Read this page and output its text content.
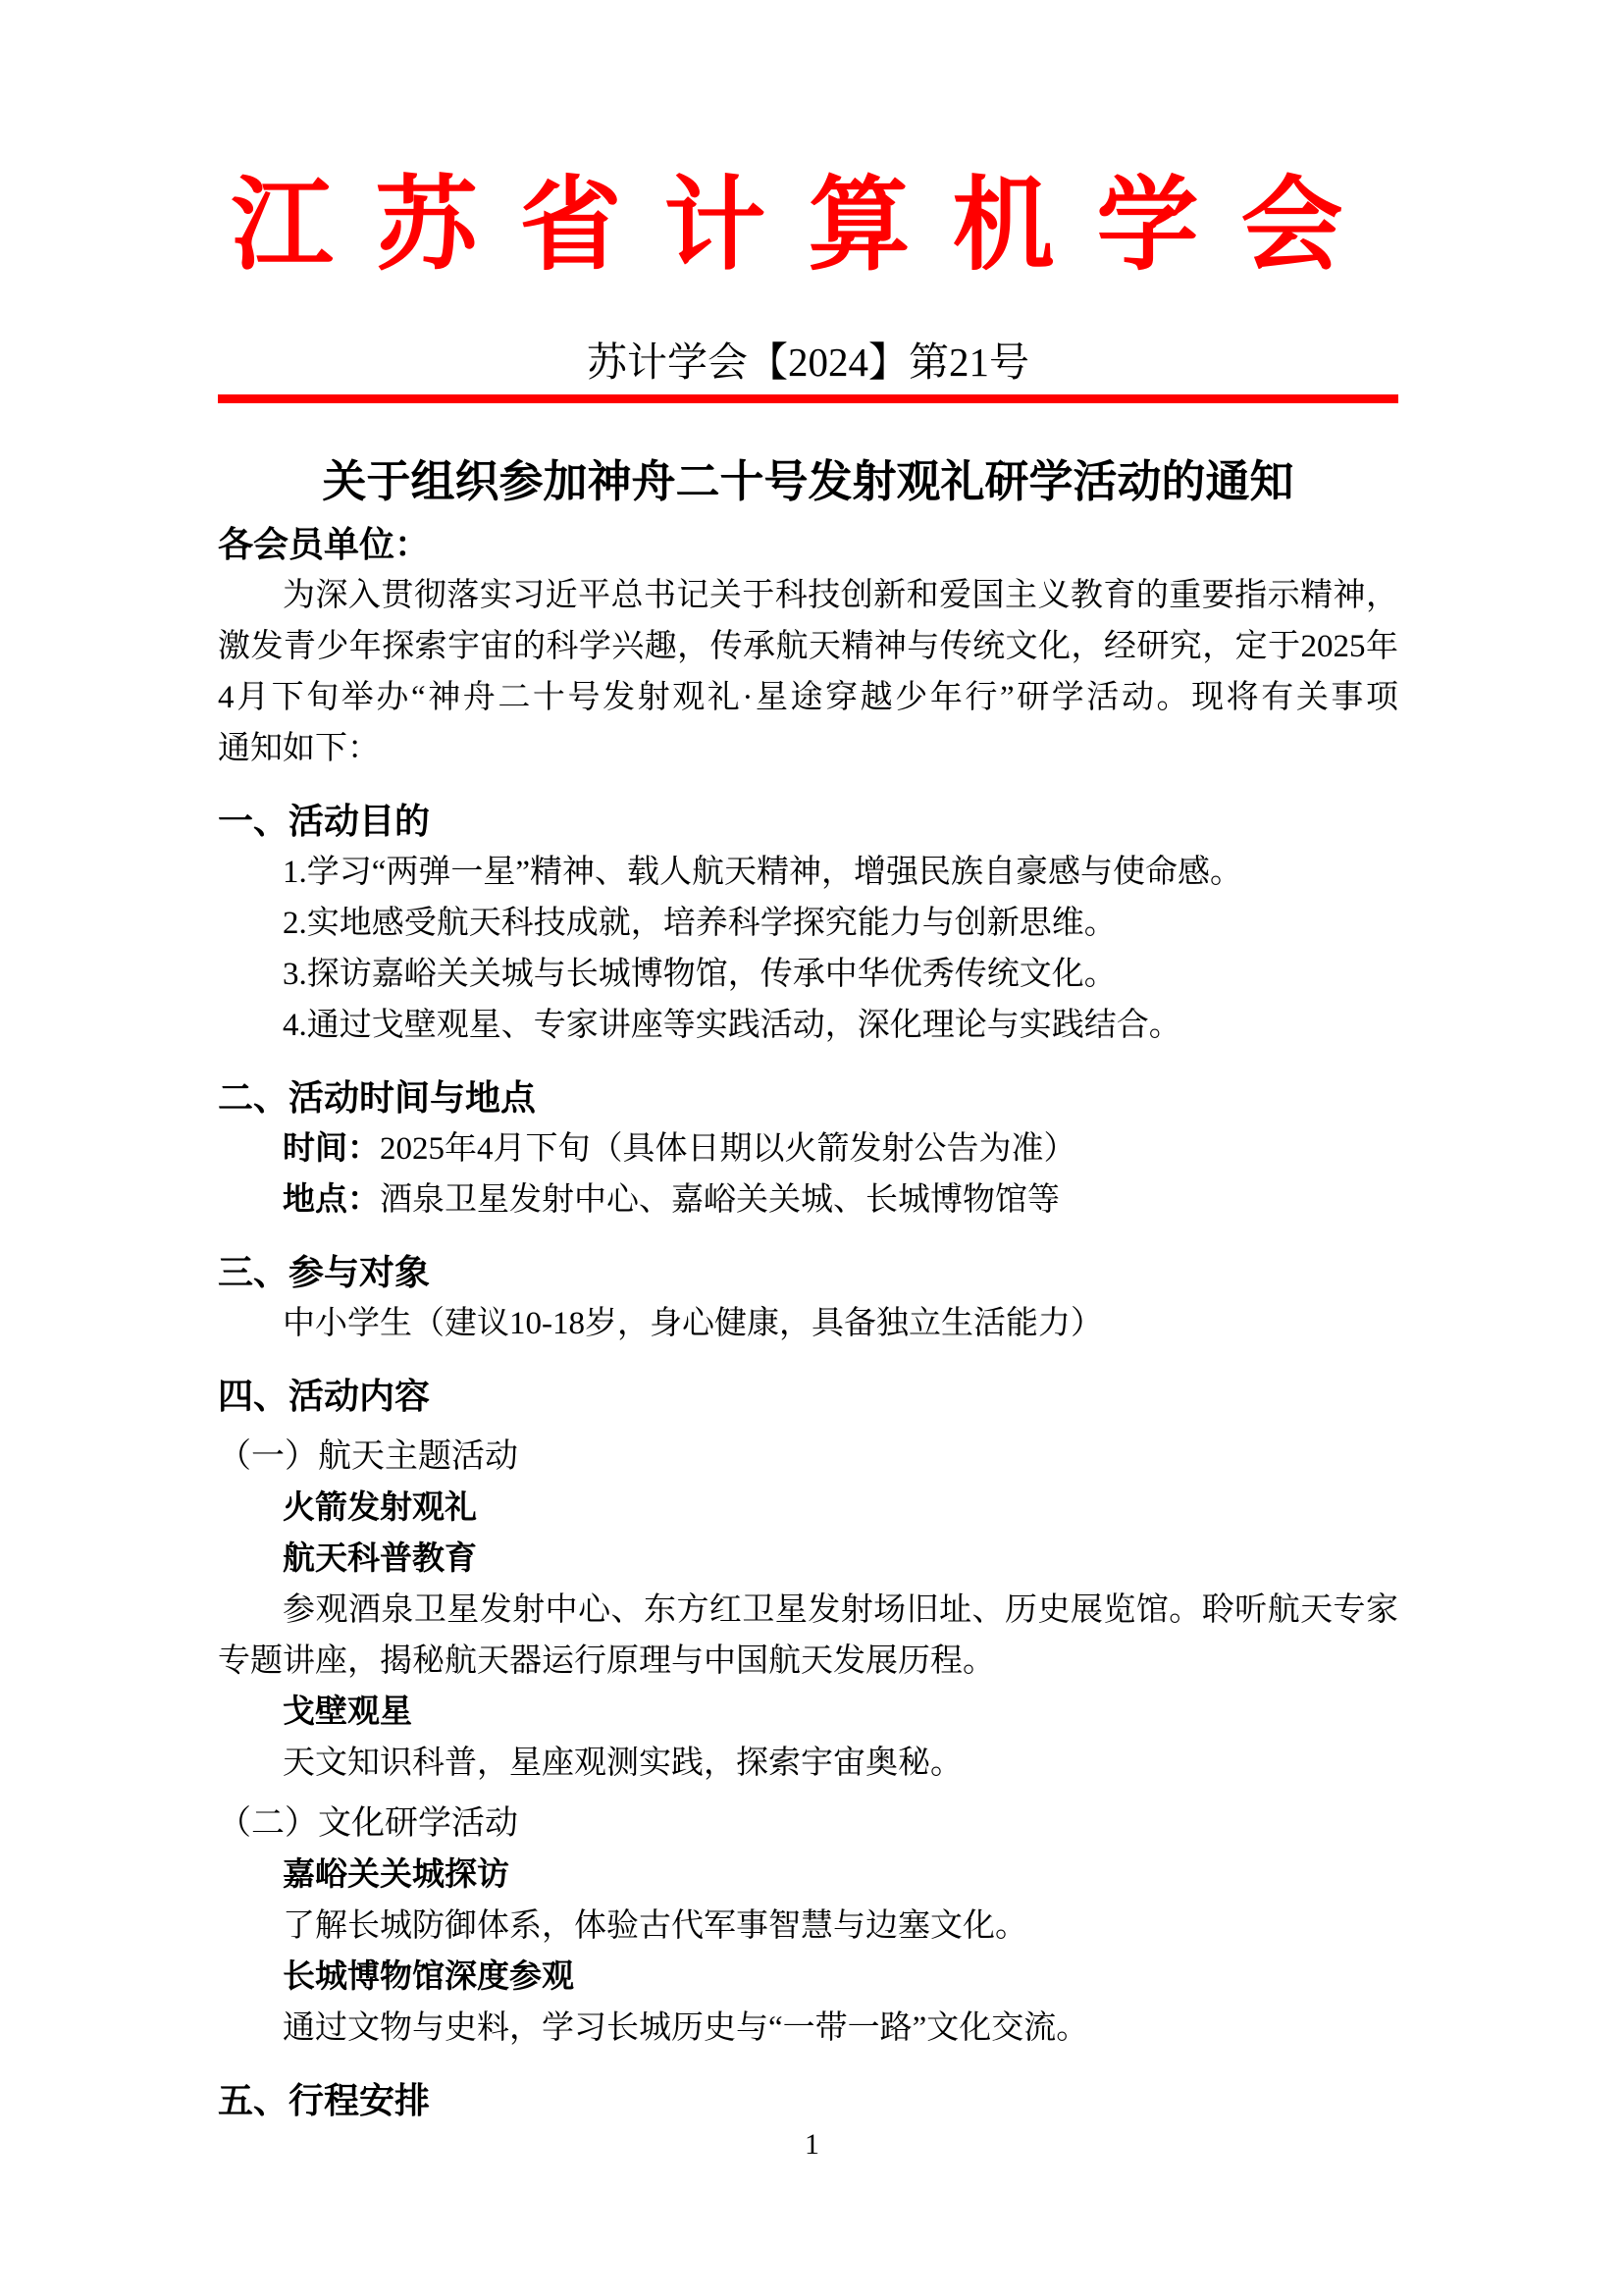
江苏省计算机学会
苏计学会【2024】第21号
关于组织参加神舟二十号发射观礼研学活动的通知
各会员单位：
为深入贯彻落实习近平总书记关于科技创新和爱国主义教育的重要指示精神，
激发青少年探索宇宙的科学兴趣，传承航天精神与传统文化，经研究，定于2025年
4月下旬举办“神舟二十号发射观礼·星途穿越少年行”研学活动。现将有关事项
通知如下：
一、活动目的
1.学习“两弹一星”精神、载人航天精神，增强民族自豪感与使命感。
2.实地感受航天科技成就，培养科学探究能力与创新思维。
3.探访嘉峪关关城与长城博物馆，传承中华优秀传统文化。
4.通过戈壁观星、专家讲座等实践活动，深化理论与实践结合。
二、活动时间与地点
时间：2025年4月下旬（具体日期以火箭发射公告为准）
地点：酒泉卫星发射中心、嘉峪关关城、长城博物馆等
三、参与对象
中小学生（建议10-18岁，身心健康，具备独立生活能力）
四、活动内容
（一）航天主题活动
火箭发射观礼
航天科普教育
参观酒泉卫星发射中心、东方红卫星发射场旧址、历史展览馆。聆听航天专家
专题讲座，揭秘航天器运行原理与中国航天发展历程。
戈壁观星
天文知识科普，星座观测实践，探索宇宙奥秘。
（二）文化研学活动
嘉峪关关城探访
了解长城防御体系，体验古代军事智慧与边塞文化。
长城博物馆深度参观
通过文物与史料，学习长城历史与“一带一路”文化交流。
五、行程安排
1
